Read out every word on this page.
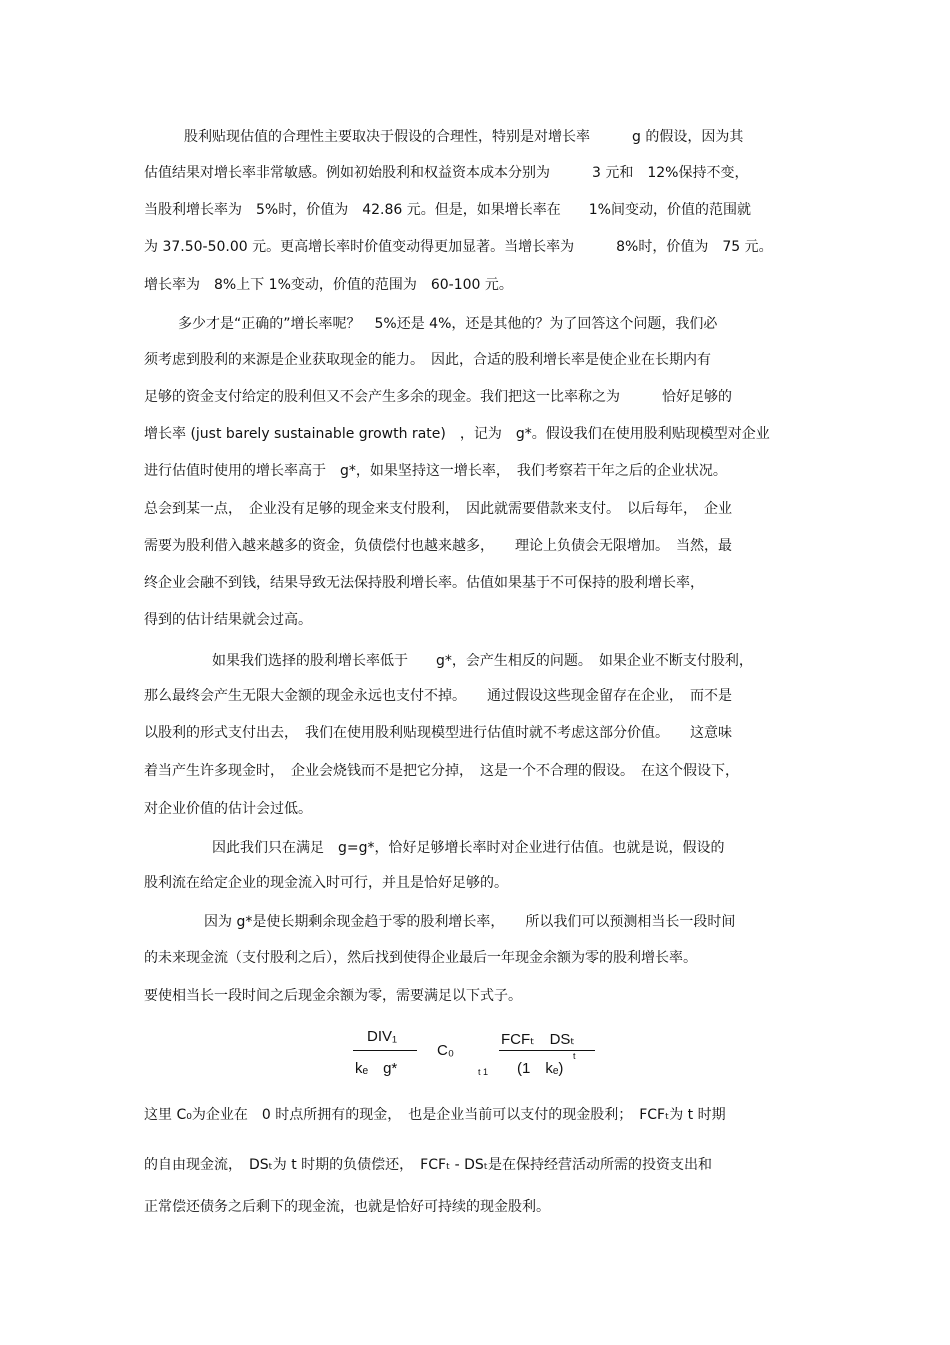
股利贴现估值的合理性主要取决于假设的合理性，特别是对增长率　　　g 的假设，因为其
估值结果对增长率非常敏感。例如初始股利和权益资本成本分别为　　　3 元和　12%保持不变，
当股利增长率为　5%时，价值为　42.86 元。但是，如果增长率在　　1%间变动，价值的范围就
为 37.50-50.00 元。更高增长率时价值变动得更加显著。当增长率为　　　8%时，价值为　75 元。
增长率为　8%上下 1%变动，价值的范围为　60-100 元。
多少才是“正确的”增长率呢？　5%还是 4%，还是其他的？为了回答这个问题，我们必
须考虑到股利的来源是企业获取现金的能力。　因此，合适的股利增长率是使企业在长期内有
足够的资金支付给定的股利但又不会产生多余的现金。我们把这一比率称之为　　　恰好足够的
增长率 (just barely sustainable growth rate)　，记为　g*。假设我们在使用股利贴现模型对企业
进行估值时使用的增长率高于　g*，如果坚持这一增长率，　我们考察若干年之后的企业状况。
总会到某一点，　企业没有足够的现金来支付股利，　因此就需要借款来支付。　以后每年，　企业
需要为股利借入越来越多的资金，负债偿付也越来越多，　　理论上负债会无限增加。　当然，最
终企业会融不到钱，结果导致无法保持股利增长率。估值如果基于不可保持的股利增长率，
得到的估计结果就会过高。
如果我们选择的股利增长率低于　　g*，会产生相反的问题。　如果企业不断支付股利，
那么最终会产生无限大金额的现金永远也支付不掉。　　通过假设这些现金留存在企业，　而不是
以股利的形式支付出去，　我们在使用股利贴现模型进行估值时就不考虑这部分价值。　　这意味
着当产生许多现金时，　企业会烧钱而不是把它分掉，　这是一个不合理的假设。　在这个假设下，
对企业价值的估计会过低。
因此我们只在满足　g=g*，恰好足够增长率时对企业进行估值。也就是说，假设的
股利流在给定企业的现金流入时可行，并且是恰好足够的。
因为 g*是使长期剩余现金趋于零的股利增长率，　　所以我们可以预测相当长一段时间
的未来现金流（支付股利之后），然后找到使得企业最后一年现金余额为零的股利增长率。
要使相当长一段时间之后现金余额为零，需要满足以下式子。
DIV₁
kₑ　g*
C₀
t 1
FCFₜ　DSₜ
(1　kₑ)
t
这里 C₀为企业在　0 时点所拥有的现金，　也是企业当前可以支付的现金股利；　FCFₜ为 t 时期
的自由现金流，　DSₜ为 t 时期的负债偿还，　FCFₜ - DSₜ是在保持经营活动所需的投资支出和
正常偿还债务之后剩下的现金流，也就是恰好可持续的现金股利。
